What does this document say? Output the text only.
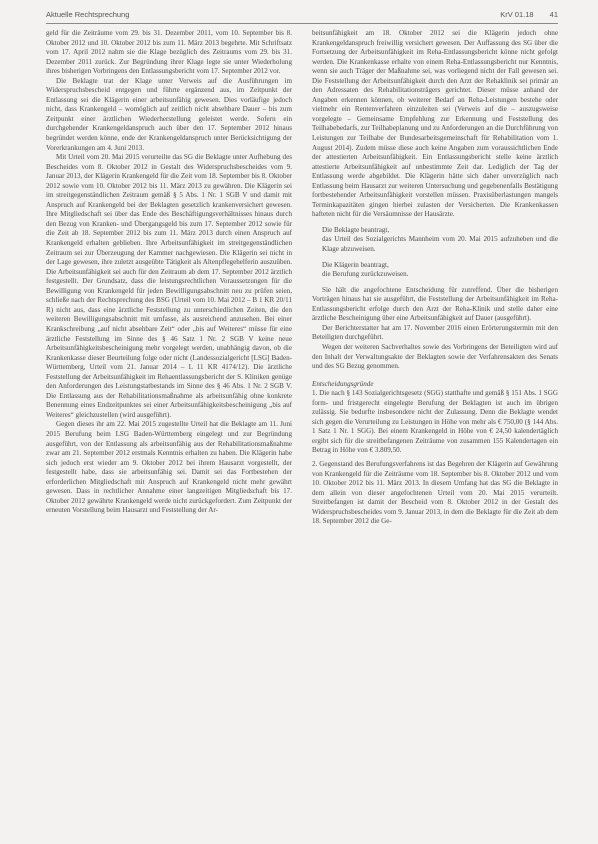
Aktuelle Rechtsprechung	KrV 01.18 41

geld für die Zeiträume vom 29. bis 31. Dezember 2011, vom 10. September bis 8. Oktober 2012 und 10. Oktober 2012 bis zum 11. März 2013 begehrte. Mit Schriftsatz vom 17. April 2012 nahm sie die Klage bezüglich des Zeitraums vom 29. bis 31. Dezember 2011 zurück. Zur Begründung ihrer Klage legte sie unter Wiederholung ihres bisherigen Vorbringens den Entlassungsbericht vom 17. September 2012 vor.

Die Beklagte trat der Klage unter Verweis auf die Ausführungen im Widerspruchsbescheid entgegen und führte ergänzend aus, im Zeitpunkt der Entlassung sei die Klägerin einer arbeitsunfähig gewesen. Dies vorläufige jedoch nicht, dass Krankengeld – womöglich auf zeitlich nicht absehbare Dauer – bis zum Zeitpunkt einer ärztlichen Wiederherstellung geleistet werde. Sofern ein durchgehender Krankengeldanspruch auch über den 17. September 2012 hinaus begründet werden könne, ende der Krankengeldanspruch unter Berücksichtigung der Vorerkrankungen am 4. Juni 2013.

Mit Urteil vom 20. Mai 2015 verurteilte das SG die Beklagte unter Aufhebung des Bescheides vom 8. Oktober 2012 in Gestalt des Widerspruchsbescheides vom 9. Januar 2013, der Klägerin Krankengeld für die Zeit vom 18. September bis 8. Oktober 2012 sowie vom 10. Oktober 2012 bis 11. März 2013 zu gewähren. Die Klägerin sei im streitgegenständlichen Zeitraum gemäß § 5 Abs. 1 Nr. 1 SGB V und damit mit Anspruch auf Krankengeld bei der Beklagten gesetzlich krankenversichert gewesen. Ihre Mitgliedschaft sei über das Ende des Beschäftigungsverhältnisses hinaus durch den Bezug von Kranken- und Übergangsgeld bis zum 17. September 2012 sowie für die Zeit ab 18. September 2012 bis zum 11. März 2013 durch einen Anspruch auf Krankengeld erhalten geblieben. Ihre Arbeitsunfähigkeit im streitgegenständlichen Zeitraum sei zur Überzeugung der Kammer nachgewiesen. Die Klägerin sei nicht in der Lage gewesen, ihre zuletzt ausgeübte Tätigkeit als Altenpflegehelferin auszuüben. Die Arbeitsunfähigkeit sei auch für den Zeitraum ab dem 17. September 2012 ärztlich festgestellt. Der Grundsatz, dass die leistungsrechtlichen Voraussetzungen für die Bewilligung von Krankengeld für jeden Bewilligungsabschnitt neu zu prüfen seien, schließe nach der Rechtsprechung des BSG (Urteil vom 10. Mai 2012 – B 1 KR 20/11 R) nicht aus, dass eine ärztliche Feststellung zu unterschiedlichen Zeiten, die den weiteren Bewilligungsabschnitt mit umfasse, als ausreichend anzusehen. Bei einer Krankschreibung „auf nicht absehbare Zeit“ oder „bis auf Weiteres“ müsse für eine ärztliche Feststellung im Sinne des § 46 Satz 1 Nr. 2 SGB V keine neue Arbeitsunfähigkeitsbescheinigung mehr vorgelegt werden, unabhängig davon, ob die Krankenkasse dieser Beurteilung folge oder nicht (Landessozialgericht [LSG] Baden-Württemberg, Urteil vom 21. Januar 2014 – L 11 KR 4174/12). Die ärztliche Feststellung der Arbeitsunfähigkeit im Rehaentlassungsbericht der S. Kliniken genüge den Anforderungen des Leistungstatbestands im Sinne des § 46 Abs. 1 Nr. 2 SGB V. Die Entlassung aus der Rehabilitationsmaßnahme als arbeitsunfähig ohne konkrete Benennung eines Endzeitpunktes sei einer Arbeitsunfähigkeitsbescheinigung „bis auf Weiteres“ gleichzustellen (wird ausgeführt).

Gegen dieses ihr am 22. Mai 2015 zugestellte Urteil hat die Beklagte am 11. Juni 2015 Berufung beim LSG Baden-Württemberg eingelegt und zur Begründung ausgeführt, von der Entlassung als arbeitsunfähig aus der Rehabilitationsmaßnahme zwar am 21. September 2012 erstmals Kenntnis erhalten zu haben. Die Klägerin habe sich jedoch erst wieder am 9. Oktober 2012 bei ihrem Hausarzt vorgestellt, der festgestellt habe, dass sie arbeitsunfähig sei. Damit sei das Fortbestehen der erforderlichen Mitgliedschaft mit Anspruch auf Krankengeld nicht mehr gewährt gewesen. Dass in rechtlicher Annahme einer langzeitigen Mitgliedschaft bis 17. Oktober 2012 gewährte Krankengeld werde nicht zurückgefordert. Zum Zeitpunkt der erneuten Vorstellung beim Hausarzt und Feststellung der Ar-

beitsunfähigkeit am 18. Oktober 2012 sei die Klägerin jedoch ohne Krankengeldanspruch freiwillig versichert gewesen. Der Auffassung des SG über die Fortsetzung der Arbeitsunfähigkeit im Reha-Entlassungsbericht könne nicht gefolgt werden. Die Krankenkasse erhalte von einem Reha-Entlassungsbericht nur Kenntnis, wenn sie auch Träger der Maßnahme sei, was vorliegend nicht der Fall gewesen sei. Die Feststellung der Arbeitsunfähigkeit durch den Arzt der Rehaklinik sei primär an den Adressaten des Rehabilitationsträgers gerichtet. Dieser müsse anhand der Angaben erkennen können, ob weiterer Bedarf an Reha-Leistungen bestehe oder vielmehr ein Rentenverfahren einzuleiten sei (Verweis auf die – auszugsweise vorgelegte – Gemeinsame Empfehlung zur Erkennung und Feststellung des Teilhabebedarfs, zur Teilhabeplanung und zu Anforderungen an die Durchführung von Leistungen zur Teilhabe der Bundesarbeitsgemeinschaft für Rehabilitation vom 1. August 2014). Zudem müsse diese auch keine Angaben zum voraussichtlichen Ende der attestierten Arbeitsunfähigkeit. Ein Entlassungsbericht stelle keine ärztlich attestierte Arbeitsunfähigkeit auf unbestimmte Zeit dar. Lediglich der Tag der Entlassung werde abgebildet. Die Klägerin hätte sich daher unverzüglich nach Entlassung beim Hausarzt zur weiteren Untersuchung und gegebenenfalls Bestätigung fortbestehender Arbeitsunfähigkeit vorstellen müssen. Praxisüberlastungen mangels Terminkapazitäten gingen hierbei zulasten der Versicherten. Die Krankenkassen hafteten nicht für die Versäumnisse der Hausärzte.

Die Beklagte beantragt,

das Urteil des Sozialgerichts Mannheim vom 20. Mai 2015 aufzuheben und die Klage abzuweisen.

Die Klägerin beantragt,

die Berufung zurückzuweisen.

Sie hält die angefochtene Entscheidung für zutreffend. Über die bisherigen Vorträgen hinaus hat sie ausgeführt, die Feststellung der Arbeitsunfähigkeit im Reha-Entlassungsbericht erfolge durch den Arzt der Reha-Klinik und stelle daher eine ärztliche Bescheinigung über eine Arbeitsunfähigkeit auf Dauer (ausgeführt).

Der Berichterstatter hat am 17. November 2016 einen Erörterungstermin mit den Beteiligten durchgeführt.

Wegen der weiteren Sachverhaltes sowie des Vorbringens der Beteiligten wird auf den Inhalt der Verwaltungsakte der Beklagten sowie der Verfahrensakten des Senats und des SG Bezug genommen.

Entscheidungsgründe

1. Die nach § 143 Sozialgerichtsgesetz (SGG) statthafte und gemäß § 151 Abs. 1 SGG form- und fristgerecht eingelegte Berufung der Beklagten ist auch im übrigen zulässig. Sie bedurfte insbesondere nicht der Zulassung. Denn die Beklagte wendet sich gegen die Verurteilung zu Leistungen in Höhe von mehr als € 750,00 (§ 144 Abs. 1 Satz 1 Nr. 1 SGG). Bei einem Krankengeld in Höhe von € 24,50 kalendertäglich ergibt sich für die streitbefangenen Zeiträume von zusammen 155 Kalendertagen ein Betrag in Höhe von € 3.809,50.

2. Gegenstand des Berufungsverfahrens ist das Begehren der Klägerin auf Gewährung von Krankengeld für die Zeiträume vom 18. September bis 8. Oktober 2012 und vom 10. Oktober 2012 bis 11. März 2013. In diesem Umfang hat das SG die Beklagte in dem allein von dieser angefochtenen Urteil vom 20. Mai 2015 verurteilt. Streitbefangen ist damit der Bescheid vom 8. Oktober 2012 in der Gestalt des Widerspruchsbescheides vom 9. Januar 2013, in dem die Beklagte für die Zeit ab dem 18. September 2012 die Ge-
